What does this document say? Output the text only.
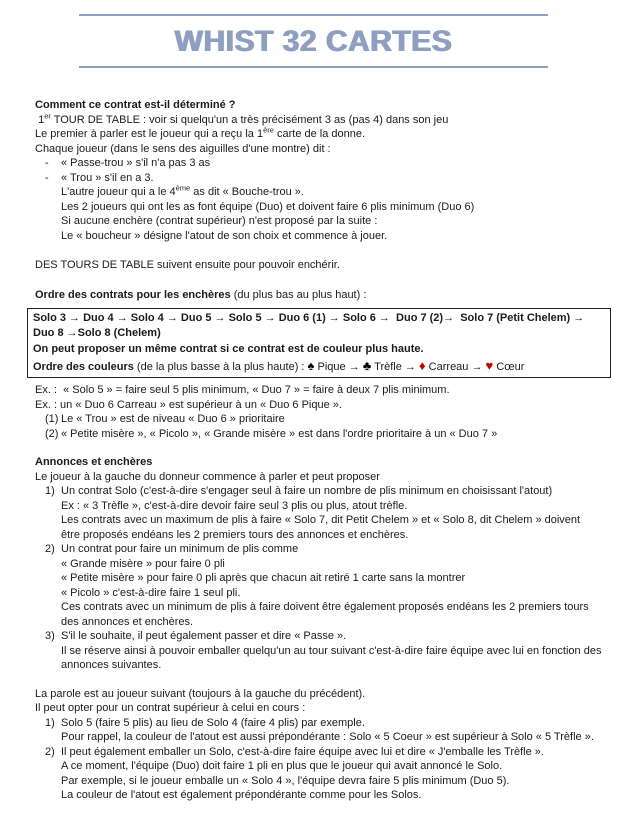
WHIST 32 CARTES
Comment ce contrat est-il déterminé ?
1er TOUR DE TABLE : voir si quelqu'un a très précisément 3 as (pas 4) dans son jeu
Le premier à parler est le joueur qui a reçu la 1ère carte de la donne.
Chaque joueur (dans le sens des aiguilles d'une montre) dit :
-	« Passe-trou » s'il n'a pas 3 as
-	« Trou » s'il en a 3.
L'autre joueur qui a le 4ème as dit « Bouche-trou ».
Les 2 joueurs qui ont les as font équipe (Duo) et doivent faire 6 plis minimum (Duo 6)
Si aucune enchère (contrat supérieur) n'est proposé par la suite :
Le « boucheur » désigne l'atout de son choix et commence à jouer.
DES TOURS DE TABLE suivent ensuite pour pouvoir enchérir.
Ordre des contrats pour les enchères (du plus bas au plus haut) :
Solo 3 → Duo 4 → Solo 4 → Duo 5 → Solo 5 → Duo 6 (1) → Solo 6 →  Duo 7 (2)→  Solo 7 (Petit Chelem) → Duo 8 →Solo 8 (Chelem)
On peut proposer un même contrat si ce contrat est de couleur plus haute.
Ordre des couleurs (de la plus basse à la plus haute) : ♠ Pique → ♣ Trèfle → ♦ Carreau → ♥ Cœur
Ex. :  « Solo 5 » = faire seul 5 plis minimum, « Duo 7 » = faire à deux 7 plis minimum.
Ex. : un « Duo 6 Carreau » est supérieur à un « Duo 6 Pique ».
(1) Le « Trou » est de niveau « Duo 6 » prioritaire
(2) « Petite misère », « Picolo », « Grande misère » est dans l'ordre prioritaire à un « Duo 7 »
Annonces et enchères
Le joueur à la gauche du donneur commence à parler et peut proposer
1) Un contrat Solo (c'est-à-dire s'engager seul à faire un nombre de plis minimum en choisissant l'atout)
Ex : « 3 Trèfle », c'est-à-dire devoir faire seul 3 plis ou plus, atout trèfle.
Les contrats avec un maximum de plis à faire « Solo 7, dit Petit Chelem » et « Solo 8, dit Chelem » doivent être proposés endéans les 2 premiers tours des annonces et enchères.
2) Un contrat pour faire un minimum de plis comme
« Grande misère » pour faire 0 pli
« Petite misère » pour faire 0 pli après que chacun ait retiré 1 carte sans la montrer
« Picolo » c'est-à-dire faire 1 seul pli.
Ces contrats avec un minimum de plis à faire doivent être également proposés endéans les 2 premiers tours des annonces et enchères.
3) S'il le souhaite, il peut également passer et dire « Passe ».
Il se réserve ainsi à pouvoir emballer quelqu'un au tour suivant c'est-à-dire faire équipe avec lui en fonction des annonces suivantes.
La parole est au joueur suivant (toujours à la gauche du précédent).
Il peut opter pour un contrat supérieur à celui en cours :
1) Solo 5 (faire 5 plis) au lieu de Solo 4 (faire 4 plis) par exemple.
Pour rappel, la couleur de l'atout est aussi prépondérante : Solo « 5 Coeur » est supérieur à Solo « 5 Trèfle ».
2) Il peut également emballer un Solo, c'est-à-dire faire équipe avec lui et dire « J'emballe les Trèfle ».
A ce moment, l'équipe (Duo) doit faire 1 pli en plus que le joueur qui avait annoncé le Solo.
Par exemple, si le joueur emballe un « Solo 4 », l'équipe devra faire 5 plis minimum (Duo 5).
La couleur de l'atout est également prépondérante comme pour les Solos.
